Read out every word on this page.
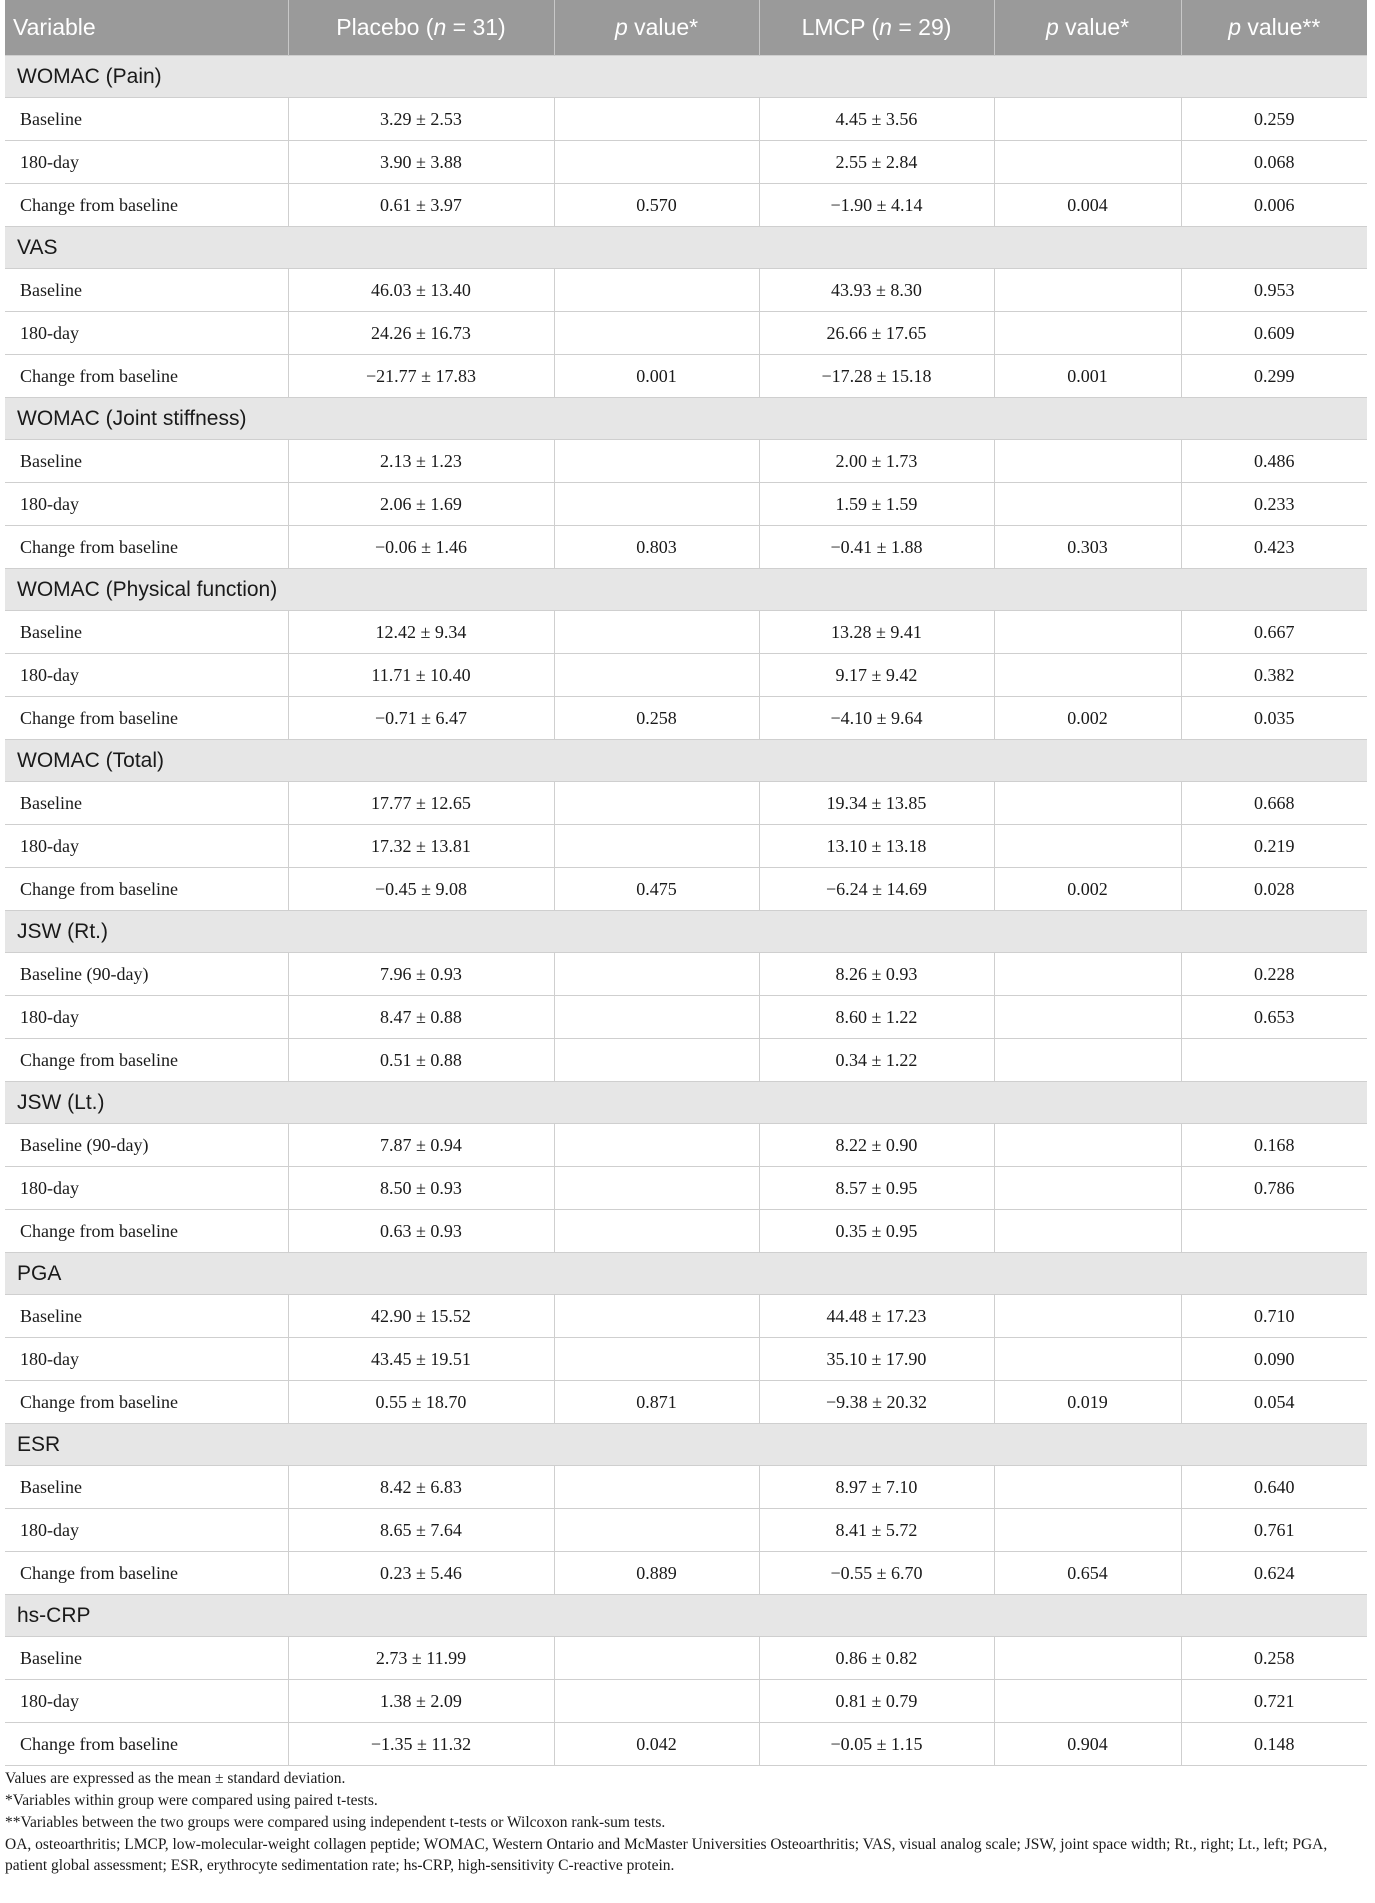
Variable	Placebo (n = 31)	p value*	LMCP (n = 29)	p value*	p value**
WOMAC (Pain)					
Baseline	3.29 ± 2.53		4.45 ± 3.56		0.259
180-day	3.90 ± 3.88		2.55 ± 2.84		0.068
Change from baseline	0.61 ± 3.97	0.570	−1.90 ± 4.14	0.004	0.006
VAS					
Baseline	46.03 ± 13.40		43.93 ± 8.30		0.953
180-day	24.26 ± 16.73		26.66 ± 17.65		0.609
Change from baseline	−21.77 ± 17.83	0.001	−17.28 ± 15.18	0.001	0.299
WOMAC (Joint stiffness)					
Baseline	2.13 ± 1.23		2.00 ± 1.73		0.486
180-day	2.06 ± 1.69		1.59 ± 1.59		0.233
Change from baseline	−0.06 ± 1.46	0.803	−0.41 ± 1.88	0.303	0.423
WOMAC (Physical function)					
Baseline	12.42 ± 9.34		13.28 ± 9.41		0.667
180-day	11.71 ± 10.40		9.17 ± 9.42		0.382
Change from baseline	−0.71 ± 6.47	0.258	−4.10 ± 9.64	0.002	0.035
WOMAC (Total)					
Baseline	17.77 ± 12.65		19.34 ± 13.85		0.668
180-day	17.32 ± 13.81		13.10 ± 13.18		0.219
Change from baseline	−0.45 ± 9.08	0.475	−6.24 ± 14.69	0.002	0.028
JSW (Rt.)					
Baseline (90-day)	7.96 ± 0.93		8.26 ± 0.93		0.228
180-day	8.47 ± 0.88		8.60 ± 1.22		0.653
Change from baseline	0.51 ± 0.88		0.34 ± 1.22		
JSW (Lt.)					
Baseline (90-day)	7.87 ± 0.94		8.22 ± 0.90		0.168
180-day	8.50 ± 0.93		8.57 ± 0.95		0.786
Change from baseline	0.63 ± 0.93		0.35 ± 0.95		
PGA					
Baseline	42.90 ± 15.52		44.48 ± 17.23		0.710
180-day	43.45 ± 19.51		35.10 ± 17.90		0.090
Change from baseline	0.55 ± 18.70	0.871	−9.38 ± 20.32	0.019	0.054
ESR					
Baseline	8.42 ± 6.83		8.97 ± 7.10		0.640
180-day	8.65 ± 7.64		8.41 ± 5.72		0.761
Change from baseline	0.23 ± 5.46	0.889	−0.55 ± 6.70	0.654	0.624
hs-CRP					
Baseline	2.73 ± 11.99		0.86 ± 0.82		0.258
180-day	1.38 ± 2.09		0.81 ± 0.79		0.721
Change from baseline	−1.35 ± 11.32	0.042	−0.05 ± 1.15	0.904	0.148

Values are expressed as the mean ± standard deviation.

*Variables within group were compared using paired t-tests.

**Variables between the two groups were compared using independent t-tests or Wilcoxon rank-sum tests.

OA, osteoarthritis; LMCP, low-molecular-weight collagen peptide; WOMAC, Western Ontario and McMaster Universities Osteoarthritis; VAS, visual analog scale; JSW, joint space width; Rt., right; Lt., left; PGA, patient global assessment; ESR, erythrocyte sedimentation rate; hs-CRP, high-sensitivity C-reactive protein.
